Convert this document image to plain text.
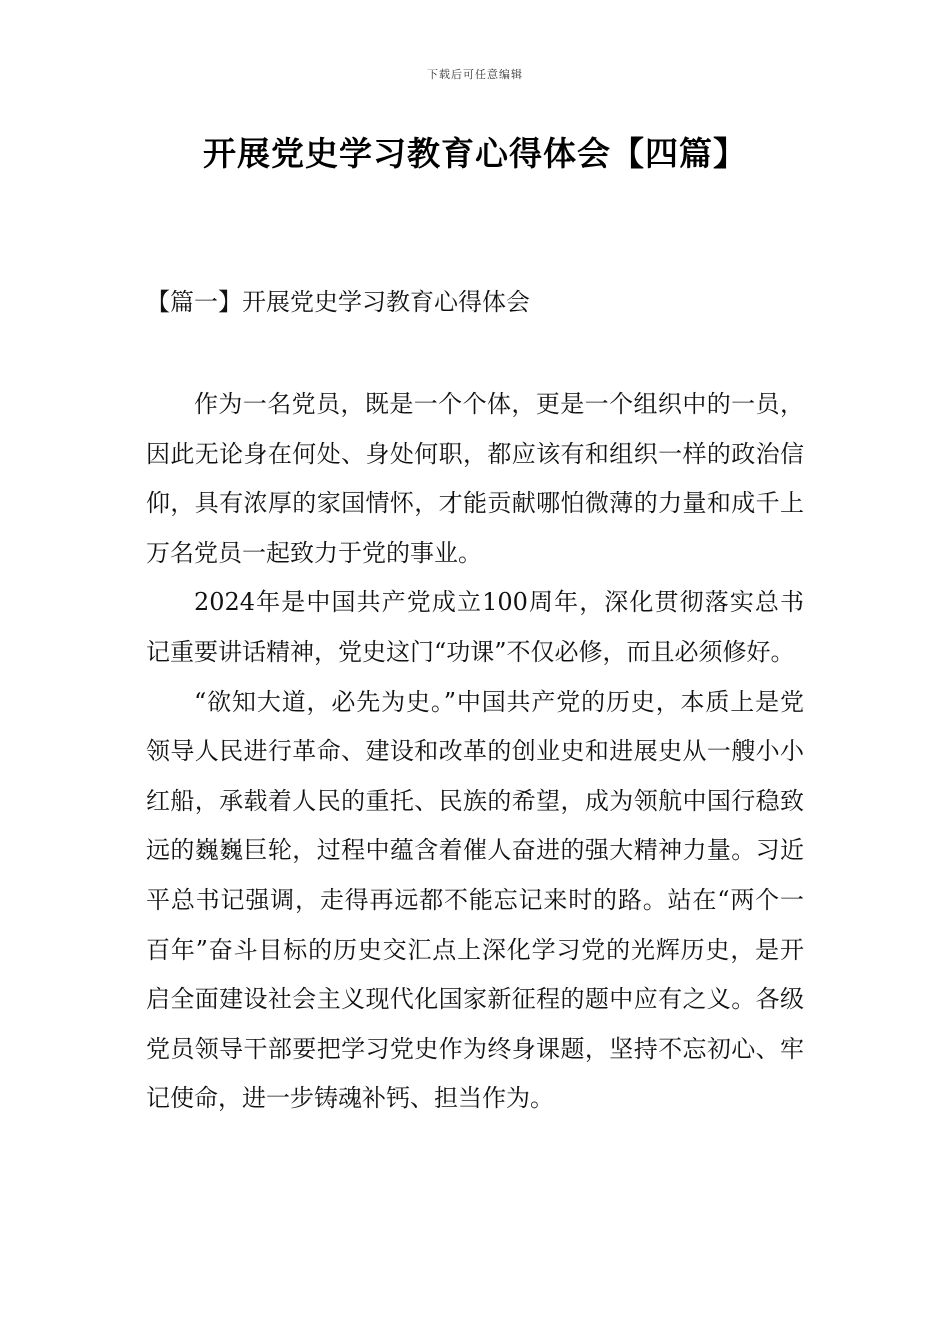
下载后可任意编辑
开展党史学习教育心得体会【四篇】
【篇一】开展党史学习教育心得体会

作为一名党员，既是一个个体，更是一个组织中的一员，因此无论身在何处、身处何职，都应该有和组织一样的政治信仰，具有浓厚的家国情怀，才能贡献哪怕微薄的力量和成千上万名党员一起致力于党的事业。

2024年是中国共产党成立100周年，深化贯彻落实总书记重要讲话精神，党史这门“功课”不仅必修，而且必须修好。

“欲知大道，必先为史。”中国共产党的历史，本质上是党领导人民进行革命、建设和改革的创业史和进展史从一艘小小红船，承载着人民的重托、民族的希望，成为领航中国行稳致远的巍巍巨轮，过程中蕴含着催人奋进的强大精神力量。习近平总书记强调，走得再远都不能忘记来时的路。站在“两个一百年”奋斗目标的历史交汇点上深化学习党的光辉历史，是开启全面建设社会主义现代化国家新征程的题中应有之义。各级党员领导干部要把学习党史作为终身课题，坚持不忘初心、牢记使命，进一步铸魂补钙、担当作为。
